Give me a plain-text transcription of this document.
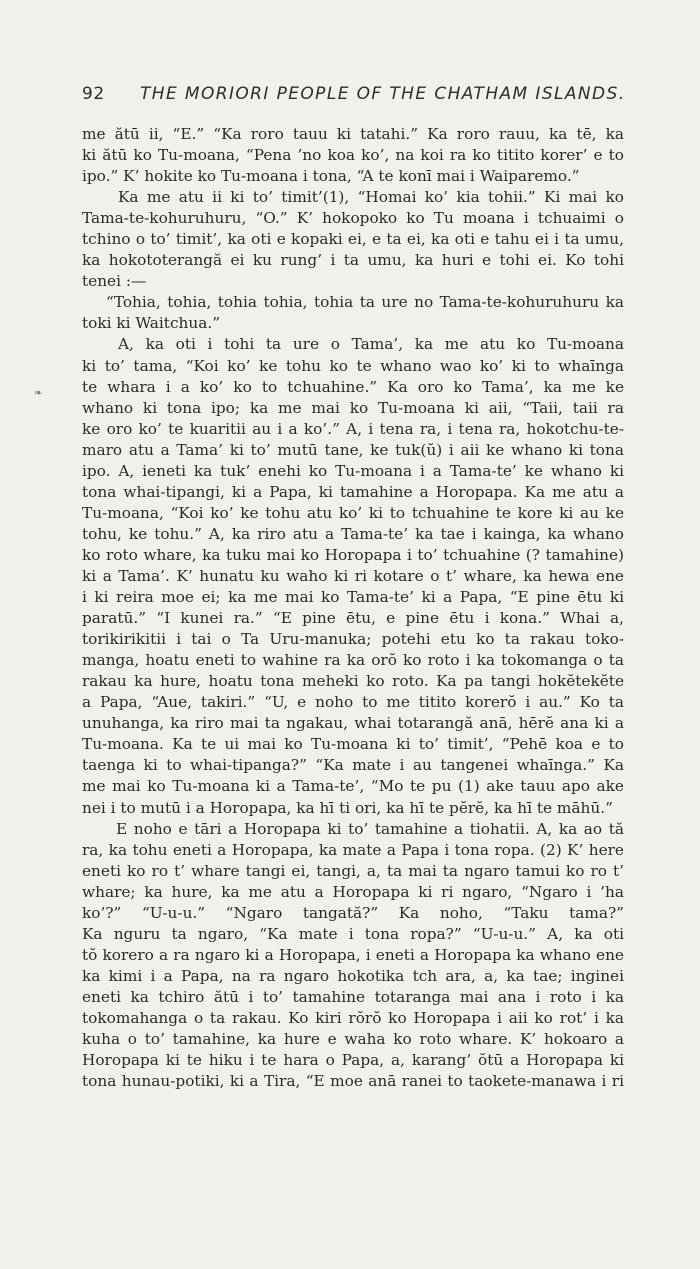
92 THE MORIORI PEOPLE OF THE CHATHAM ISLANDS.
❧
me ătū ii, “E.” “Ka roro tauu ki tatahi.” Ka roro rauu, ka tē, ka
ki ătū ko Tu-moana, “Pena ’no koa ko’, na koi ra ko titito korer’ e to
ipo.” K’ hokite ko Tu-moana i tona, “A te konī mai i Waiparemo.”
Ka me atu ii ki to’ timit’(1), “Homai ko’ kia tohii.” Ki mai ko
Tama-te-kohuruhuru, “O.” K’ hokopoko ko Tu moana i tchuaimi o
tchino o to’ timit’, ka oti e kopaki ei, e ta ei, ka oti e tahu ei i ta umu,
ka hokototerangă ei ku rung’ i ta umu, ka huri e tohi ei. Ko tohi
tenei :—
“Tohia, tohia, tohia tohia, tohia ta ure no Tama-te-kohuruhuru ka
toki ki Waitchua.”
A, ka oti i tohi ta ure o Tama’, ka me atu ko Tu-moana
ki to’ tama, “Koi ko’ ke tohu ko te whano wao ko’ ki to whaīnga
te whara i a ko’ ko to tchuahine.” Ka oro ko Tama’, ka me ke
whano ki tona ipo; ka me mai ko Tu-moana ki aii, “Taii, taii ra
ke oro ko’ te kuaritii au i a ko’.” A, i tena ra, i tena ra, hokotchu-te-
maro atu a Tama’ ki to’ mutū tane, ke tuk(ŭ) i aii ke whano ki tona
ipo. A, ieneti ka tuk’ enehi ko Tu-moana i a Tama-te’ ke whano ki
tona whai-tipangi, ki a Papa, ki tamahine a Horopapa. Ka me atu a
Tu-moana, “Koi ko’ ke tohu atu ko’ ki to tchuahine te kore ki au ke
tohu, ke tohu.” A, ka riro atu a Tama-te’ ka tae i kainga, ka whano
ko roto whare, ka tuku mai ko Horopapa i to’ tchuahine (? tamahine)
ki a Tama’. K’ hunatu ku waho ki ri kotare o t’ whare, ka hewa ene
i ki reira moe ei; ka me mai ko Tama-te’ ki a Papa, “E pine ētu ki
paratū.” “I kunei ra.” “E pine ētu, e pine ētu i kona.” Whai a,
torikirikitii i tai o Ta Uru-manuka; potehi etu ko ta rakau toko-
manga, hoatu eneti to wahine ra ka orŏ ko roto i ka tokomanga o ta
rakau ka hure, hoatu tona meheki ko roto. Ka pa tangi hokĕtekĕte
a Papa, “Aue, takiri.” “U, e noho to me titito korerŏ i au.” Ko ta
unuhanga, ka riro mai ta ngakau, whai totarangă anā, hērĕ ana ki a
Tu-moana. Ka te ui mai ko Tu-moana ki to’ timit’, “Pehē koa e to
taenga ki to whai-tipanga?” “Ka mate i au tangenei whaīnga.” Ka
me mai ko Tu-moana ki a Tama-te’, “Mo te pu (1) ake tauu apo ake
nei i to mutū i a Horopapa, ka hī ti ori, ka hī te pĕrĕ, ka hī te māhū.”
E noho e tāri a Horopapa ki to’ tamahine a tiohatii. A, ka ao tă
ra, ka tohu eneti a Horopapa, ka mate a Papa i tona ropa. (2) K’ here
eneti ko ro t’ whare tangi ei, tangi, a, ta mai ta ngaro tamui ko ro t’
whare; ka hure, ka me atu a Horopapa ki ri ngaro, “Ngaro i ’ha
ko’?” “U-u-u.” “Ngaro tangată?” Ka noho, “Taku tama?”
Ka nguru ta ngaro, “Ka mate i tona ropa?” “U-u-u.” A, ka oti
tŏ korero a ra ngaro ki a Horopapa, i eneti a Horopapa ka whano ene
ka kimi i a Papa, na ra ngaro hokotika tch ara, a, ka tae; inginei
eneti ka tchiro ătū i to’ tamahine totaranga mai ana i roto i ka
tokomahanga o ta rakau. Ko kiri rŏrŏ ko Horopapa i aii ko rot’ i ka
kuha o to’ tamahine, ka hure e waha ko roto whare. K’ hokoaro a
Horopapa ki te hiku i te hara o Papa, a, karang’ ŏtū a Horopapa ki
tona hunau-potiki, ki a Tira, “E moe anā ranei to taokete-manawa i ri
